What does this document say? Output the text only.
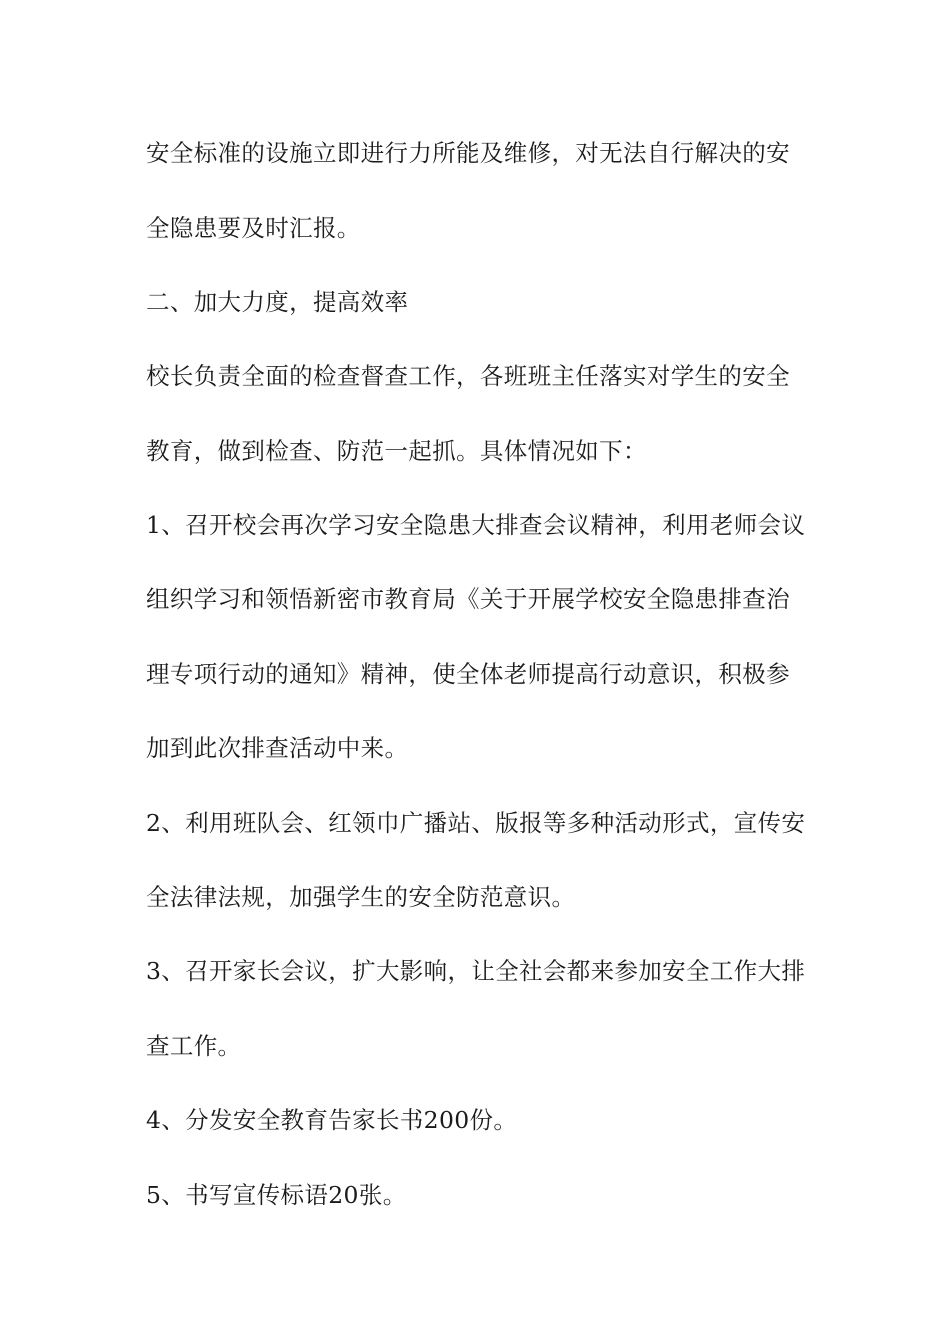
安全标准的设施立即进行力所能及维修，对无法自行解决的安
全隐患要及时汇报。
二、加大力度，提高效率
校长负责全面的检查督查工作，各班班主任落实对学生的安全
教育，做到检查、防范一起抓。具体情况如下：
1、召开校会再次学习安全隐患大排查会议精神，利用老师会议
组织学习和领悟新密市教育局《关于开展学校安全隐患排查治
理专项行动的通知》精神，使全体老师提高行动意识，积极参
加到此次排查活动中来。
2、利用班队会、红领巾广播站、版报等多种活动形式，宣传安
全法律法规，加强学生的安全防范意识。
3、召开家长会议，扩大影响，让全社会都来参加安全工作大排
查工作。
4、分发安全教育告家长书200份。
5、书写宣传标语20张。
